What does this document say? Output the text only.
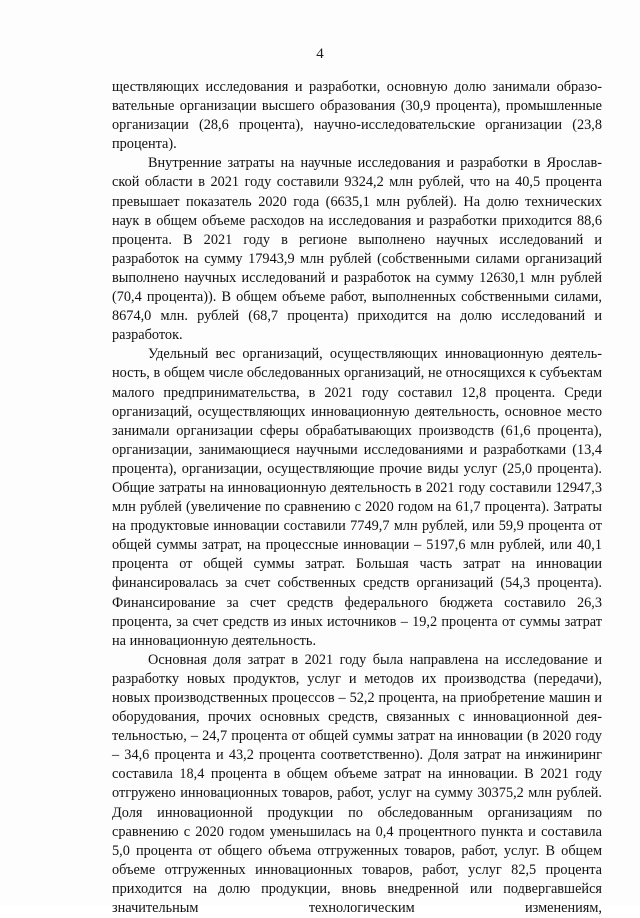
4

ществляющих исследования и разработки, основную долю занимали образовательные организации высшего образования (30,9 процента), промышленные организации (28,6 процента), научно-исследовательские организации (23,8 процента).

Внутренние затраты на научные исследования и разработки в Ярославской области в 2021 году составили 9324,2 млн рублей, что на 40,5 процента превышает показатель 2020 года (6635,1 млн рублей). На долю технических наук в общем объеме расходов на исследования и разработки приходится 88,6 процента. В 2021 году в регионе выполнено научных исследований и разработок на сумму 17943,9 млн рублей (собственными силами организаций выполнено научных исследований и разработок на сумму 12630,1 млн рублей (70,4 процента)). В общем объеме работ, выполненных собственными силами, 8674,0 млн. рублей (68,7 процента) приходится на долю исследований и разработок.

Удельный вес организаций, осуществляющих инновационную деятельность, в общем числе обследованных организаций, не относящихся к субъектам малого предпринимательства, в 2021 году составил 12,8 процента. Среди организаций, осуществляющих инновационную деятельность, основное место занимали организации сферы обрабатывающих производств (61,6 процента), организации, занимающиеся научными исследованиями и разработками (13,4 процента), организации, осуществляющие прочие виды услуг (25,0 процента). Общие затраты на инновационную деятельность в 2021 году составили 12947,3 млн рублей (увеличение по сравнению с 2020 годом на 61,7 процента). Затраты на продуктовые инновации составили 7749,7 млн рублей, или 59,9 процента от общей суммы затрат, на процессные инновации – 5197,6 млн рублей, или 40,1 процента от общей суммы затрат. Большая часть затрат на инновации финансировалась за счет собственных средств организаций (54,3 процента). Финансирование за счет средств федерального бюджета составило 26,3 процента, за счет средств из иных источников – 19,2 процента от суммы затрат на инновационную деятельность.

Основная доля затрат в 2021 году была направлена на исследование и разработку новых продуктов, услуг и методов их производства (передачи), новых производственных процессов – 52,2 процента, на приобретение машин и оборудования, прочих основных средств, связанных с инновационной деятельностью, – 24,7 процента от общей суммы затрат на инновации (в 2020 году – 34,6 процента и 43,2 процента соответственно). Доля затрат на инжиниринг составила 18,4 процента в общем объеме затрат на инновации. В 2021 году отгружено инновационных товаров, работ, услуг на сумму 30375,2 млн рублей. Доля инновационной продукции по обследованным организациям по сравнению с 2020 годом уменьшилась на 0,4 процентного пункта и составила 5,0 процента от общего объема отгруженных товаров, работ, услуг. В общем объеме отгруженных инновационных товаров, работ, услуг 82,5 процента приходится на долю продукции, вновь внедренной или подвергавшейся значительным технологическим изменениям,
